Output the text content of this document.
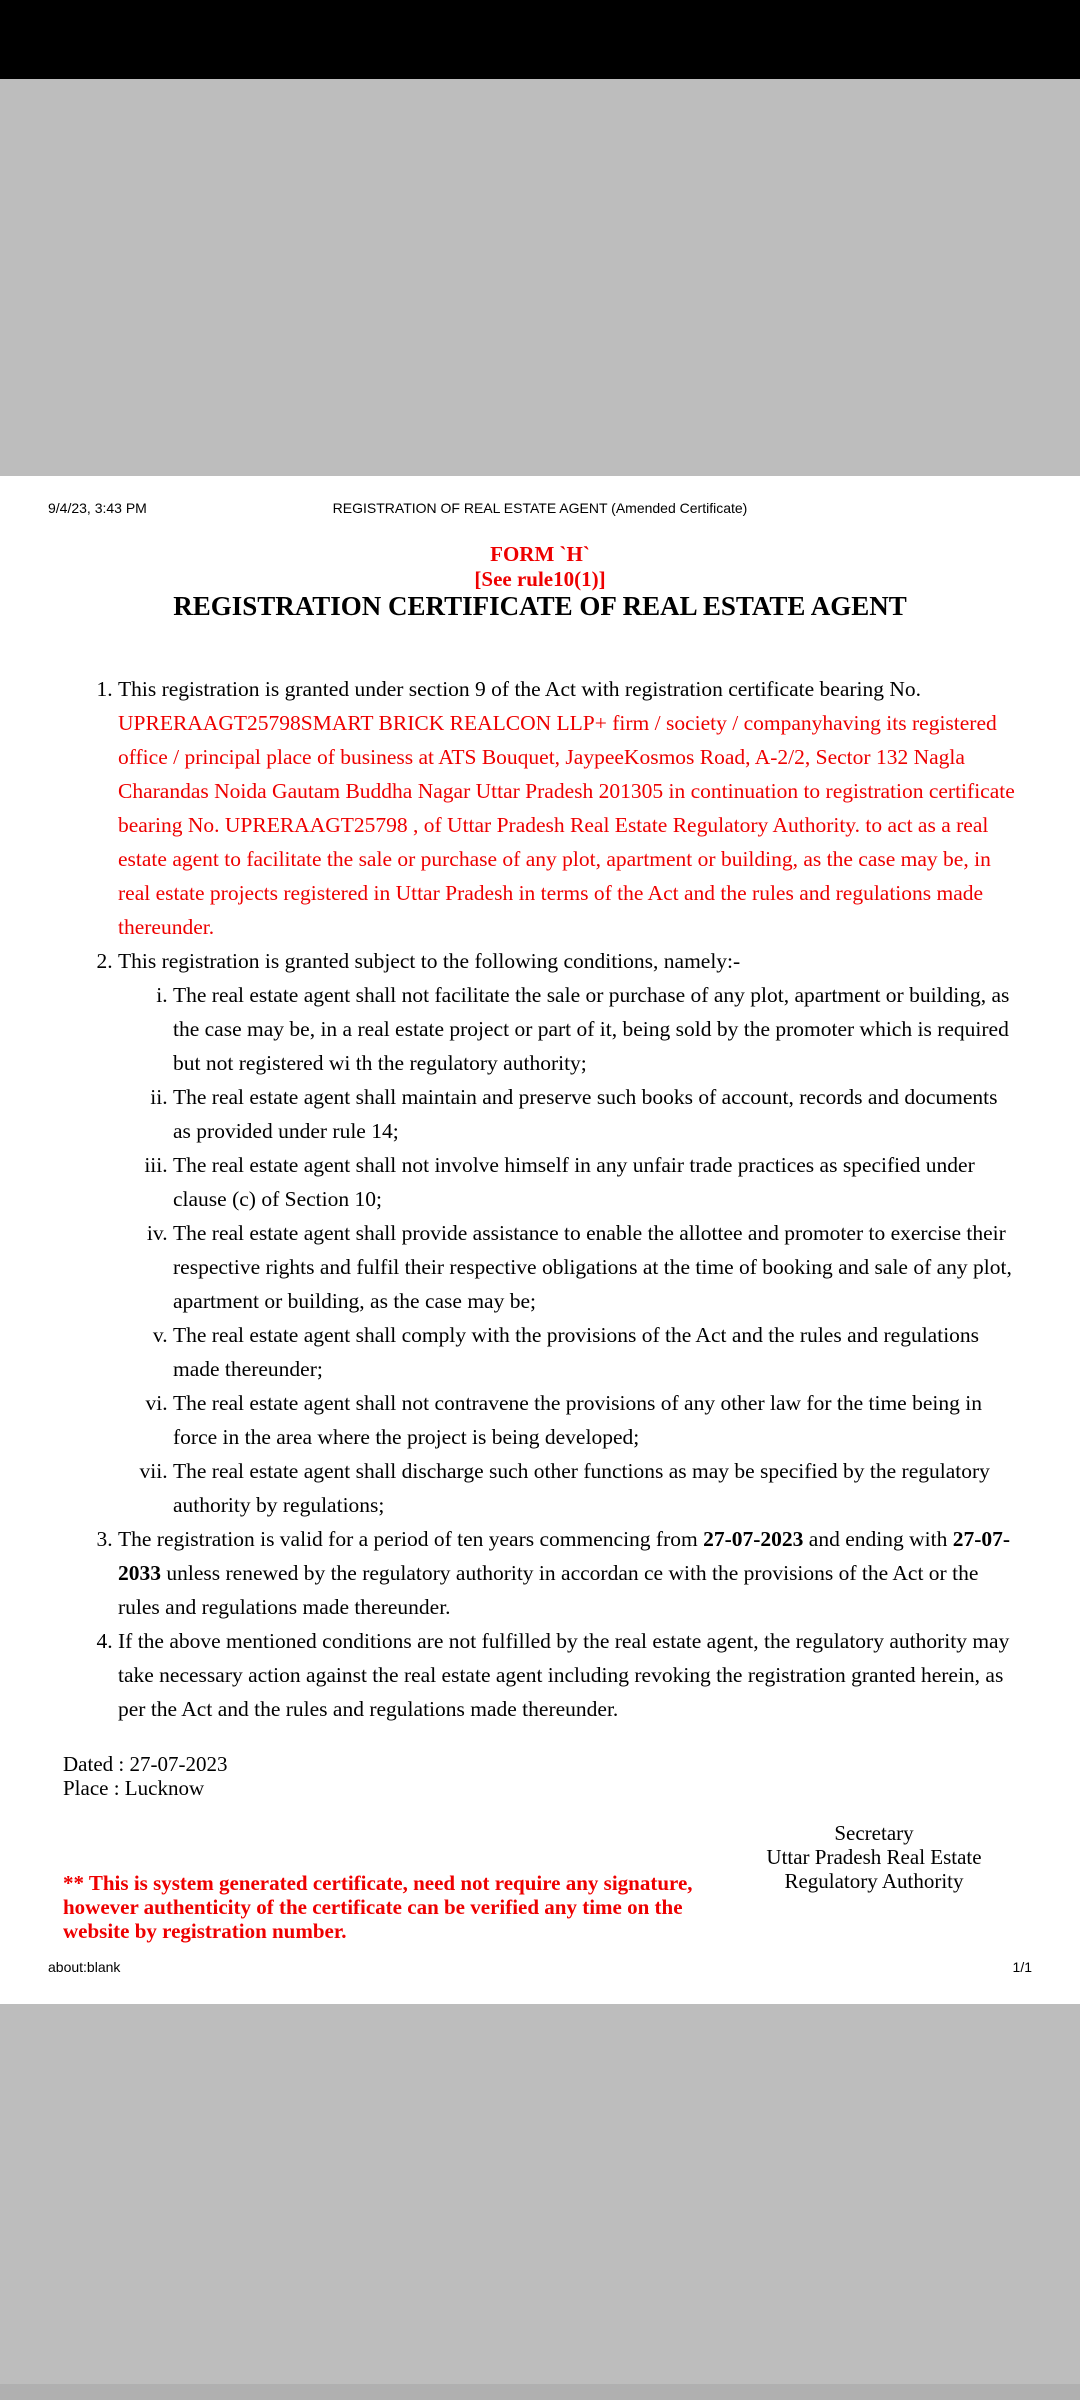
9/4/23, 3:43 PM	REGISTRATION OF REAL ESTATE AGENT (Amended Certificate)
FORM `H`
[See rule10(1)]
REGISTRATION CERTIFICATE OF REAL ESTATE AGENT
1. This registration is granted under section 9 of the Act with registration certificate bearing No. UPRERAAGT25798SMART BRICK REALCON LLP+ firm / society / companyhaving its registered office / principal place of business at ATS Bouquet, JaypeeKosmos Road, A-2/2, Sector 132 Nagla Charandas Noida Gautam Buddha Nagar Uttar Pradesh 201305 in continuation to registration certificate bearing No. UPRERAAGT25798 , of Uttar Pradesh Real Estate Regulatory Authority. to act as a real estate agent to facilitate the sale or purchase of any plot, apartment or building, as the case may be, in real estate projects registered in Uttar Pradesh in terms of the Act and the rules and regulations made thereunder.
2. This registration is granted subject to the following conditions, namely:-
i. The real estate agent shall not facilitate the sale or purchase of any plot, apartment or building, as the case may be, in a real estate project or part of it, being sold by the promoter which is required but not registered wi th the regulatory authority;
ii. The real estate agent shall maintain and preserve such books of account, records and documents as provided under rule 14;
iii. The real estate agent shall not involve himself in any unfair trade practices as specified under clause (c) of Section 10;
iv. The real estate agent shall provide assistance to enable the allottee and promoter to exercise their respective rights and fulfil their respective obligations at the time of booking and sale of any plot, apartment or building, as the case may be;
v. The real estate agent shall comply with the provisions of the Act and the rules and regulations made thereunder;
vi. The real estate agent shall not contravene the provisions of any other law for the time being in force in the area where the project is being developed;
vii. The real estate agent shall discharge such other functions as may be specified by the regulatory authority by regulations;
3. The registration is valid for a period of ten years commencing from 27-07-2023 and ending with 27-07-2033 unless renewed by the regulatory authority in accordan ce with the provisions of the Act or the rules and regulations made thereunder.
4. If the above mentioned conditions are not fulfilled by the real estate agent, the regulatory authority may take necessary action against the real estate agent including revoking the registration granted herein, as per the Act and the rules and regulations made thereunder.
Dated : 27-07-2023
Place : Lucknow
Secretary
Uttar Pradesh Real Estate
Regulatory Authority
** This is system generated certificate, need not require any signature, however authenticity of the certificate can be verified any time on the website by registration number.
about:blank	1/1
